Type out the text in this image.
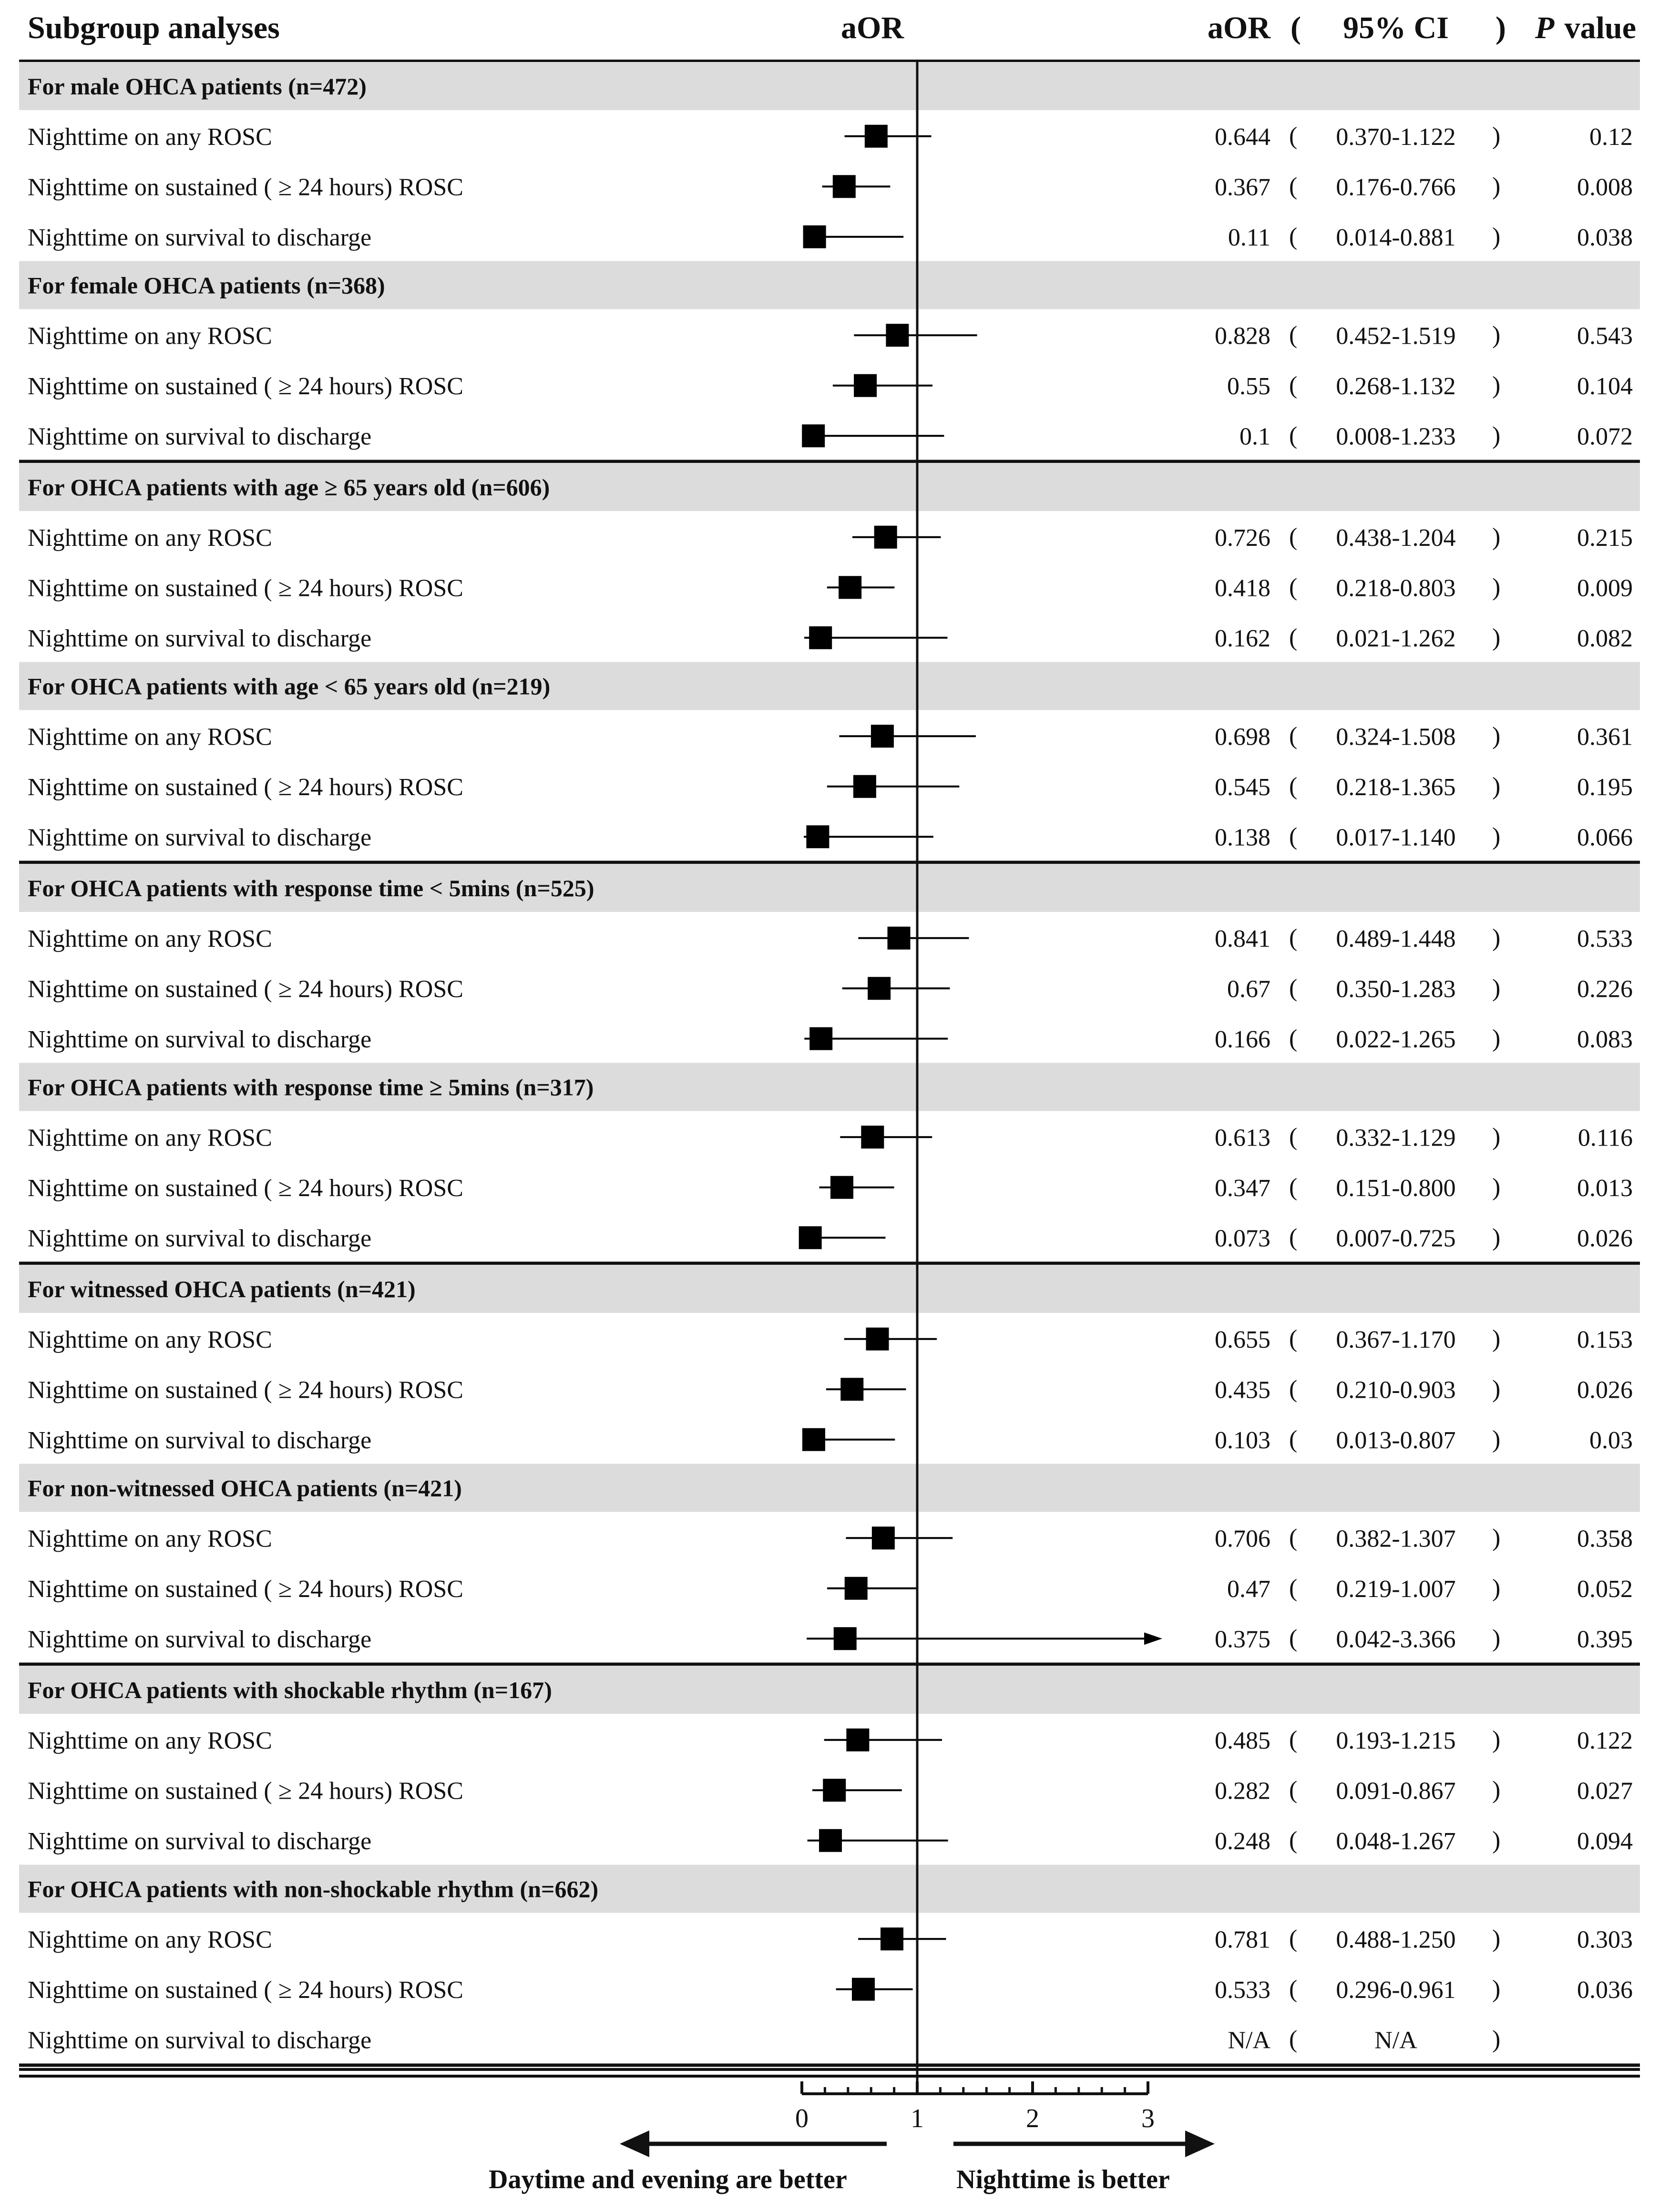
Subgroup analyses	aOR	aOR ( 95% CI ) P value
For male OHCA patients (n=472)
Nighttime on any ROSC	0.644 ( 0.370-1.122 )	0.12
Nighttime on sustained ( ≥ 24 hours) ROSC	0.367 ( 0.176-0.766 )	0.008
Nighttime on survival to discharge	0.11 ( 0.014-0.881 )	0.038
For female OHCA patients (n=368)
Nighttime on any ROSC	0.828 ( 0.452-1.519 )	0.543
Nighttime on sustained ( ≥ 24 hours) ROSC	0.55 ( 0.268-1.132 )	0.104
Nighttime on survival to discharge	0.1 ( 0.008-1.233 )	0.072
For OHCA patients with age ≥ 65 years old (n=606)
Nighttime on any ROSC	0.726 ( 0.438-1.204 )	0.215
Nighttime on sustained ( ≥ 24 hours) ROSC	0.418 ( 0.218-0.803 )	0.009
Nighttime on survival to discharge	0.162 ( 0.021-1.262 )	0.082
For OHCA patients with age < 65 years old (n=219)
Nighttime on any ROSC	0.698 ( 0.324-1.508 )	0.361
Nighttime on sustained ( ≥ 24 hours) ROSC	0.545 ( 0.218-1.365 )	0.195
Nighttime on survival to discharge	0.138 ( 0.017-1.140 )	0.066
For OHCA patients with response time < 5mins (n=525)
Nighttime on any ROSC	0.841 ( 0.489-1.448 )	0.533
Nighttime on sustained ( ≥ 24 hours) ROSC	0.67 ( 0.350-1.283 )	0.226
Nighttime on survival to discharge	0.166 ( 0.022-1.265 )	0.083
For OHCA patients with response time ≥ 5mins (n=317)
Nighttime on any ROSC	0.613 ( 0.332-1.129 )	0.116
Nighttime on sustained ( ≥ 24 hours) ROSC	0.347 ( 0.151-0.800 )	0.013
Nighttime on survival to discharge	0.073 ( 0.007-0.725 )	0.026
For witnessed OHCA patients (n=421)
Nighttime on any ROSC	0.655 ( 0.367-1.170 )	0.153
Nighttime on sustained ( ≥ 24 hours) ROSC	0.435 ( 0.210-0.903 )	0.026
Nighttime on survival to discharge	0.103 ( 0.013-0.807 )	0.03
For non-witnessed OHCA patients (n=421)
Nighttime on any ROSC	0.706 ( 0.382-1.307 )	0.358
Nighttime on sustained ( ≥ 24 hours) ROSC	0.47 ( 0.219-1.007 )	0.052
Nighttime on survival to discharge	0.375 ( 0.042-3.366 )	0.395
For OHCA patients with shockable rhythm (n=167)
Nighttime on any ROSC	0.485 ( 0.193-1.215 )	0.122
Nighttime on sustained ( ≥ 24 hours) ROSC	0.282 ( 0.091-0.867 )	0.027
Nighttime on survival to discharge	0.248 ( 0.048-1.267 )	0.094
For OHCA patients with non-shockable rhythm (n=662)
Nighttime on any ROSC	0.781 ( 0.488-1.250 )	0.303
Nighttime on sustained ( ≥ 24 hours) ROSC	0.533 ( 0.296-0.961 )	0.036
Nighttime on survival to discharge	N/A (	N/A	)
0	1	2	3
Daytime and evening are better	Nighttime is better
